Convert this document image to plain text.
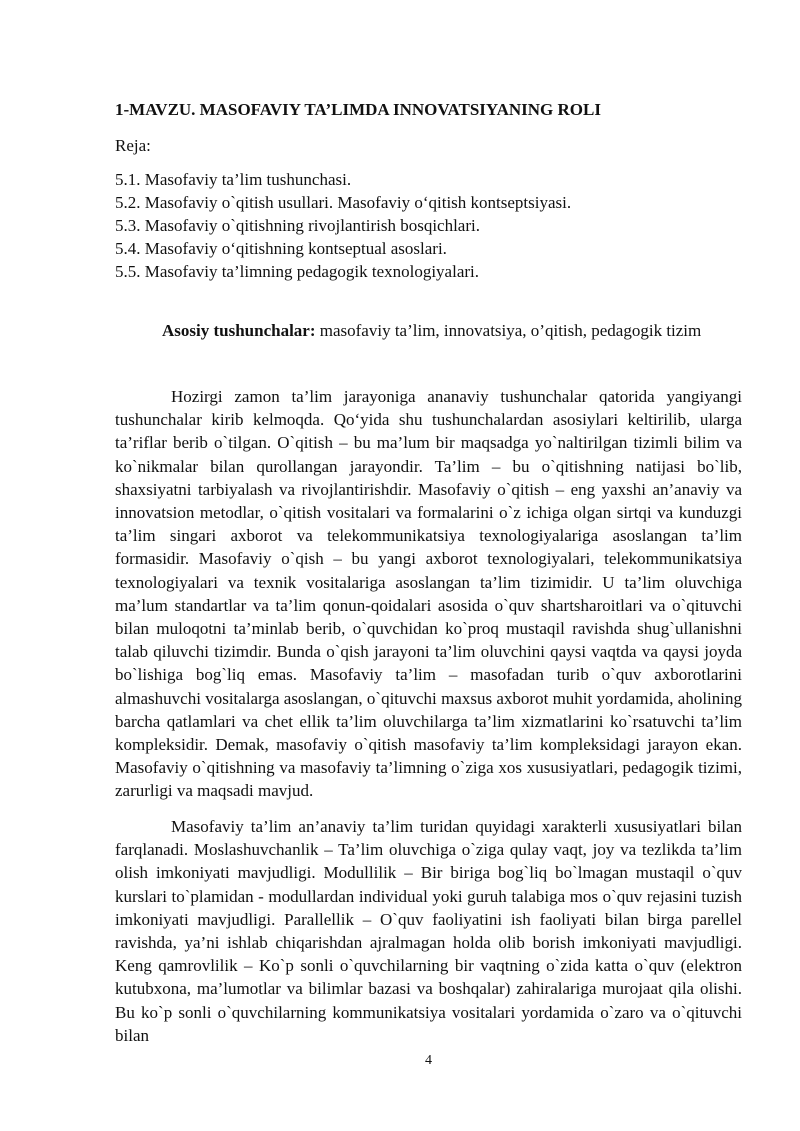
1-MAVZU. MASOFAVIY TA’LIMDA INNOVATSIYANING ROLI
Reja:
5.1. Masofaviy ta’lim tushunchasi.
5.2. Masofaviy o`qitish usullari. Masofaviy o‘qitish kontseptsiyasi.
5.3. Masofaviy o`qitishning rivojlantirish bosqichlari.
5.4. Masofaviy o‘qitishning kontseptual asoslari.
5.5. Masofaviy ta’limning pedagogik texnologiyalari.
Asosiy tushunchalar: masofaviy ta’lim, innovatsiya, o’qitish, pedagogik tizim

Hozirgi zamon ta’lim jarayoniga ananaviy tushunchalar qatorida yangiyangi tushunchalar kirib kelmoqda. Qo‘yida shu tushunchalardan asosiylari keltirilib, ularga ta’riflar berib o`tilgan. O`qitish – bu ma’lum bir maqsadga yo`naltirilgan tizimli bilim va ko`nikmalar bilan qurollangan jarayondir. Ta’lim – bu o`qitishning natijasi bo`lib, shaxsiyatni tarbiyalash va rivojlantirishdir. Masofaviy o`qitish – eng yaxshi an’anaviy va innovatsion metodlar, o`qitish vositalari va formalarini o`z ichiga olgan sirtqi va kunduzgi ta’lim singari axborot va telekommunikatsiya texnologiyalariga asoslangan ta’lim formasidir. Masofaviy o`qish – bu yangi axborot texnologiyalari, telekommunikatsiya texnologiyalari va texnik vositalariga asoslangan ta’lim tizimidir. U ta’lim oluvchiga ma’lum standartlar va ta’lim qonun-qoidalari asosida o`quv shartsharoitlari va o`qituvchi bilan muloqotni ta’minlab berib, o`quvchidan ko`proq mustaqil ravishda shug`ullanishni talab qiluvchi tizimdir. Bunda o`qish jarayoni ta’lim oluvchini qaysi vaqtda va qaysi joyda bo`lishiga bog`liq emas. Masofaviy ta’lim – masofadan turib o`quv axborotlarini almashuvchi vositalarga asoslangan, o`qituvchi maxsus axborot muhit yordamida, aholining barcha qatlamlari va chet ellik ta’lim oluvchilarga ta’lim xizmatlarini ko`rsatuvchi ta’lim kompleksidir. Demak, masofaviy o`qitish masofaviy ta’lim kompleksidagi jarayon ekan. Masofaviy o`qitishning va masofaviy ta’limning o`ziga xos xususiyatlari, pedagogik tizimi, zarurligi va maqsadi mavjud.

Masofaviy ta’lim an’anaviy ta’lim turidan quyidagi xarakterli xususiyatlari bilan farqlanadi. Moslashuvchanlik – Ta’lim oluvchiga o`ziga qulay vaqt, joy va tezlikda ta’lim olish imkoniyati mavjudligi. Modullilik – Bir biriga bog`liq bo`lmagan mustaqil o`quv kurslari to`plamidan - modullardan individual yoki guruh talabiga mos o`quv rejasini tuzish imkoniyati mavjudligi. Parallellik – O`quv faoliyatini ish faoliyati bilan birga parellel ravishda, ya’ni ishlab chiqarishdan ajralmagan holda olib borish imkoniyati mavjudligi. Keng qamrovlilik – Ko`p sonli o`quvchilarning bir vaqtning o`zida katta o`quv (elektron kutubxona, ma’lumotlar va bilimlar bazasi va boshqalar) zahiralariga murojaat qila olishi. Bu ko`p sonli o`quvchilarning kommunikatsiya vositalari yordamida o`zaro va o`qituvchi bilan

4
